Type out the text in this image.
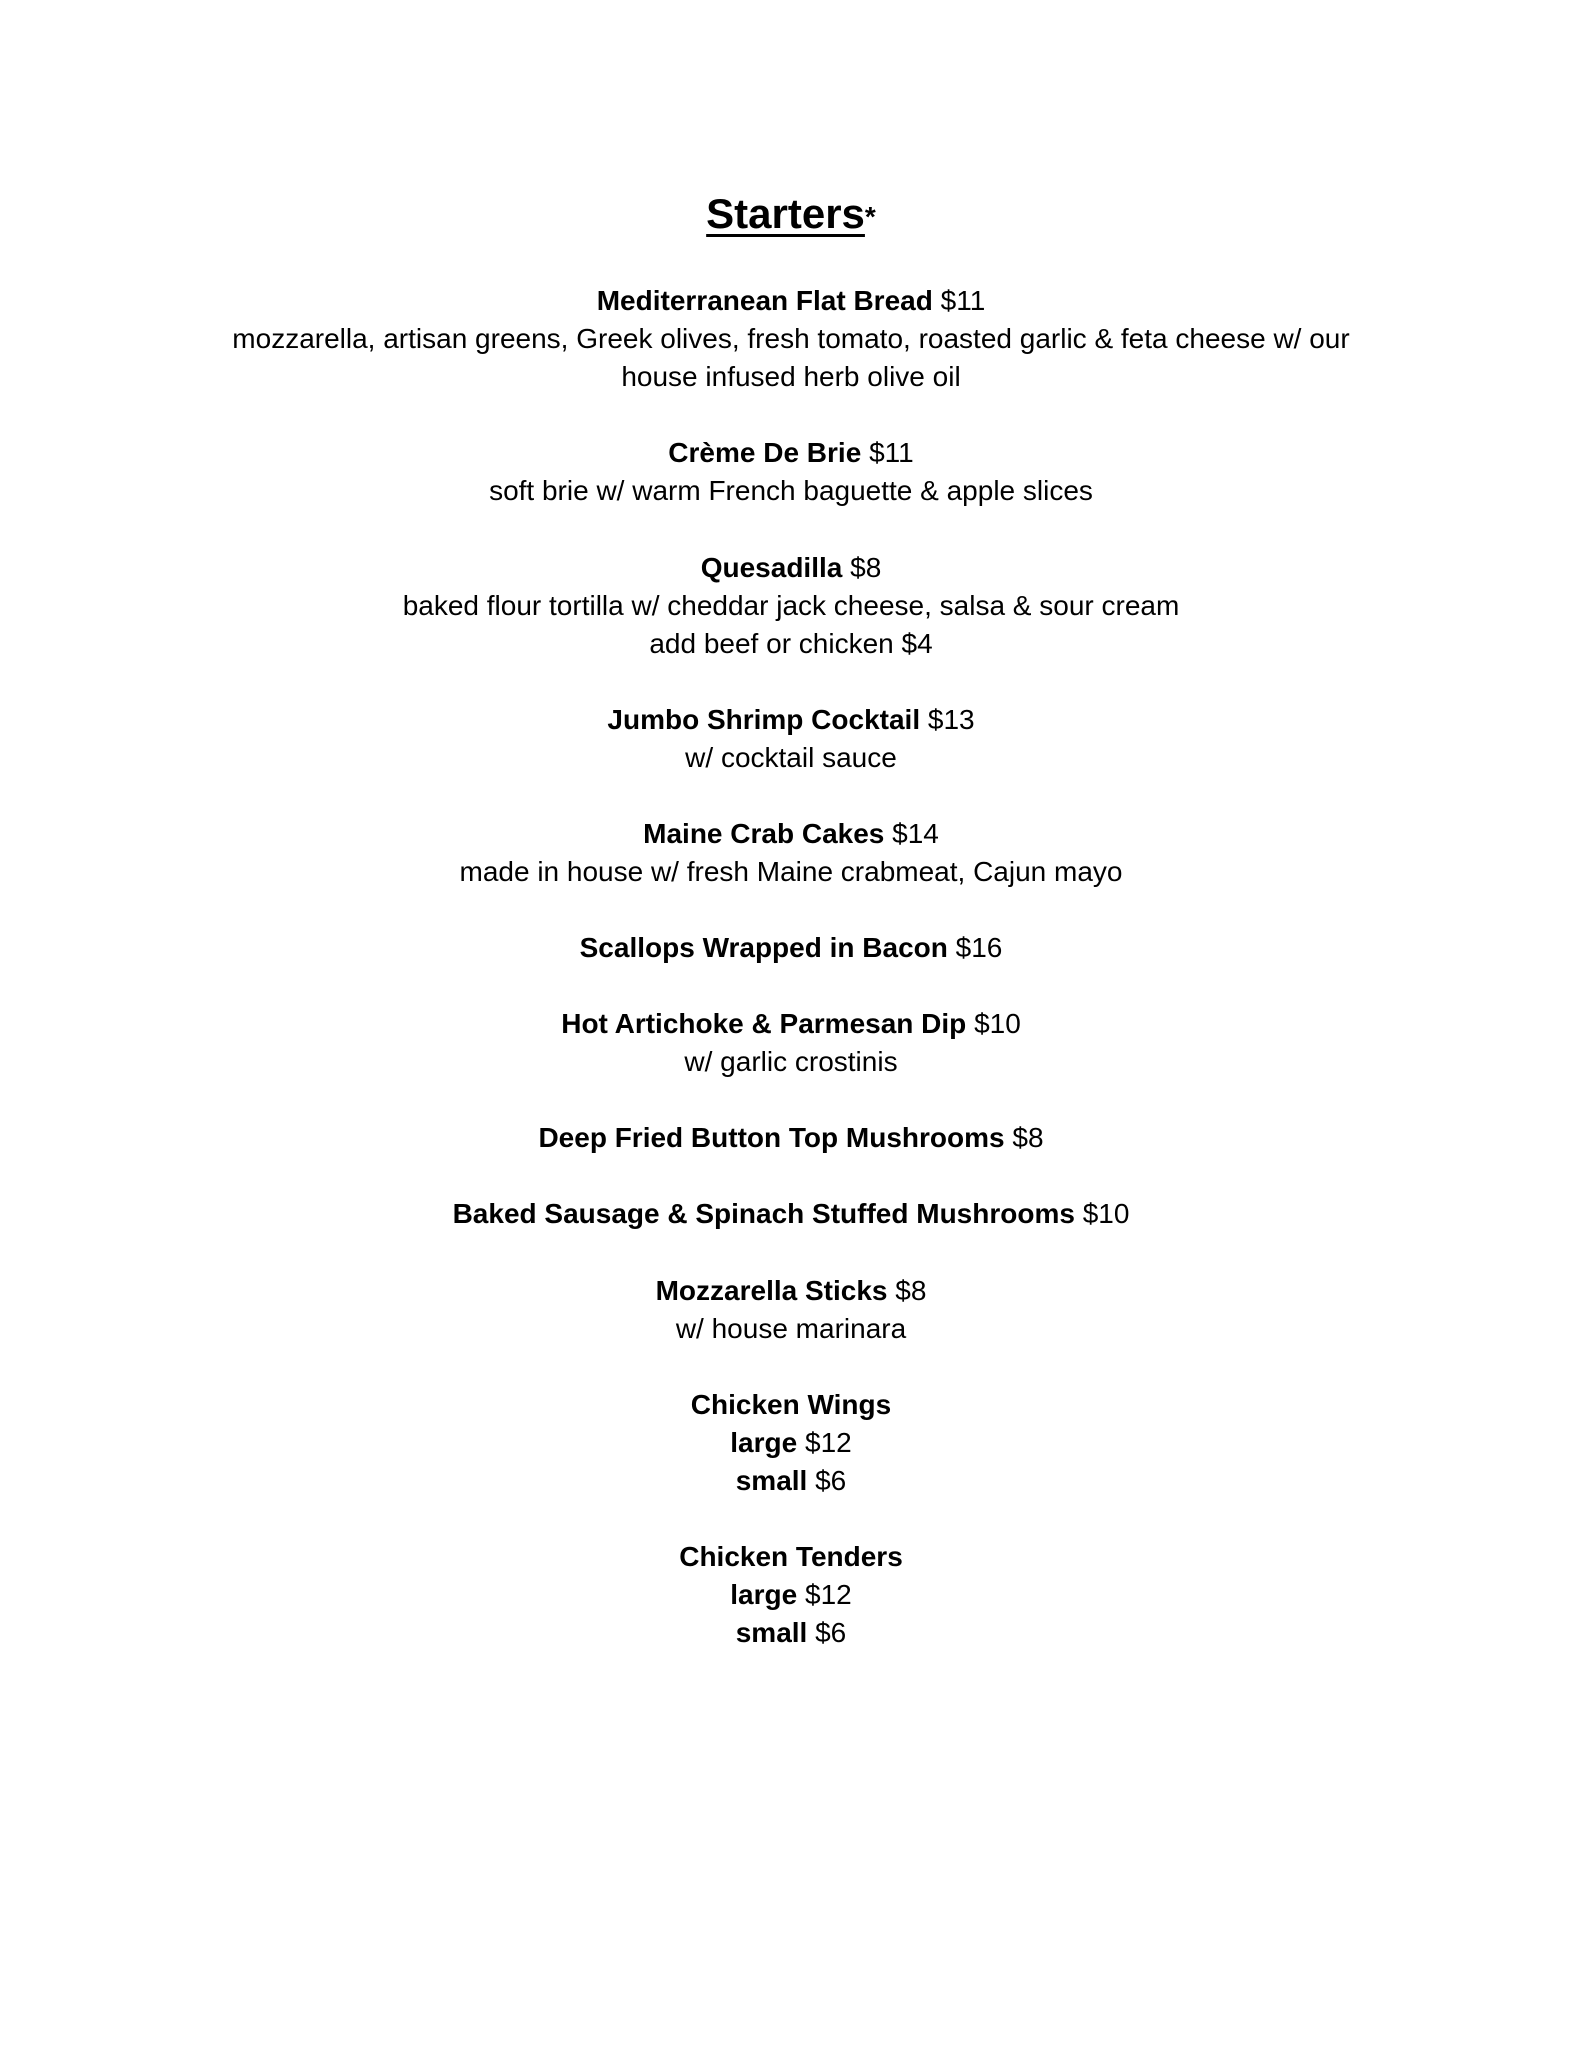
Starters*
Mediterranean Flat Bread $11
mozzarella, artisan greens, Greek olives, fresh tomato, roasted garlic & feta cheese w/ our
house infused herb olive oil
Crème De Brie $11
soft brie w/ warm French baguette & apple slices
Quesadilla $8
baked flour tortilla w/ cheddar jack cheese, salsa & sour cream
add beef or chicken $4
Jumbo Shrimp Cocktail $13
w/ cocktail sauce
Maine Crab Cakes $14
made in house w/ fresh Maine crabmeat, Cajun mayo
Scallops Wrapped in Bacon $16
Hot Artichoke & Parmesan Dip $10
w/ garlic crostinis
Deep Fried Button Top Mushrooms $8
Baked Sausage & Spinach Stuffed Mushrooms $10
Mozzarella Sticks $8
w/ house marinara
Chicken Wings
large $12
small $6
Chicken Tenders
large $12
small $6
